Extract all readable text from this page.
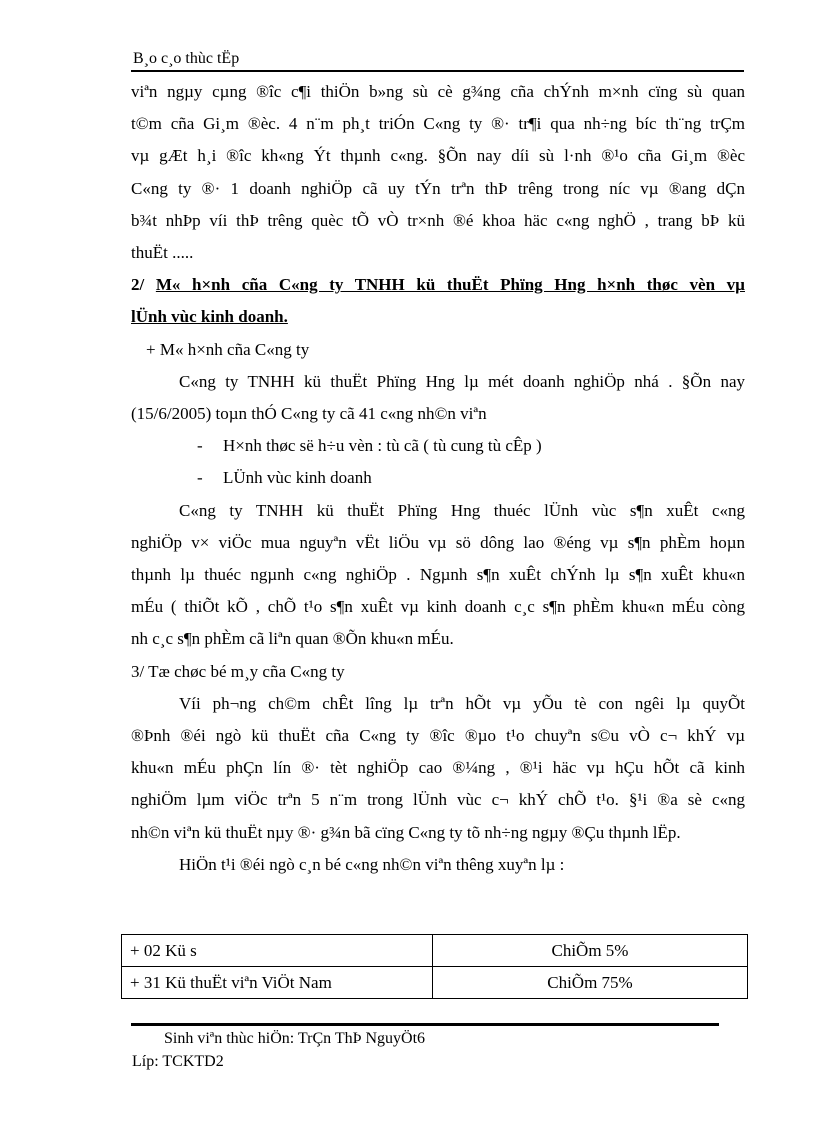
B¸o c¸o thùc tËp

viªn ngµy cµng ®îc c¶i thiÖn b»ng sù cè g¾ng cña chÝnh m×nh cïng sù quan

t©m cña Gi¸m ®èc. 4 n¨m ph¸t triÓn C«ng ty ®· tr¶i qua nh÷ng bíc th¨ng trÇm

vµ gÆt h¸i ®îc kh«ng Ýt thµnh c«ng. §Õn nay díi sù l·nh ®¹o cña Gi¸m ®èc

C«ng ty ®· 1 doanh nghiÖp cã uy tÝn trªn thÞ trêng trong níc vµ ®ang dÇn

b¾t nhÞp víi thÞ trêng quèc tÕ vÒ tr×nh ®é khoa häc c«ng nghÖ , trang bÞ kü

thuËt .....

2/ M« h×nh cña C«ng ty TNHH kü thuËt Phïng Hng h×nh thøc vèn vµ

lÜnh vùc kinh doanh.

+ M« h×nh cña C«ng ty

C«ng ty TNHH kü thuËt Phïng Hng lµ mét doanh nghiÖp nhá . §Õn nay

(15/6/2005) toµn thÓ C«ng ty cã 41 c«ng nh©n viªn

- H×nh thøc së h÷u vèn : tù cã ( tù cung tù cÊp )

- LÜnh vùc kinh doanh

C«ng ty TNHH kü thuËt Phïng Hng thuéc lÜnh vùc s¶n xuÊt c«ng

nghiÖp v× viÖc mua nguyªn vËt liÖu vµ sö dông lao ®éng vµ s¶n phÈm hoµn

thµnh lµ thuéc ngµnh c«ng nghiÖp . Ngµnh s¶n xuÊt chÝnh lµ s¶n xuÊt khu«n

mÉu ( thiÕt kÕ , chÕ t¹o s¶n xuÊt vµ kinh doanh c¸c s¶n phÈm khu«n mÉu còng

nh c¸c s¶n phÈm cã liªn quan ®Õn khu«n mÉu.

3/ Tæ chøc bé m¸y cña C«ng ty

Víi ph¬ng ch©m chÊt lîng lµ trªn hÕt vµ yÕu tè con ngêi lµ quyÕt

®Þnh ®éi ngò kü thuËt cña C«ng ty ®îc ®µo t¹o chuyªn s©u vÒ c¬ khÝ vµ

khu«n mÉu phÇn lín ®· tèt nghiÖp cao ®¼ng , ®¹i häc vµ hÇu hÕt cã kinh

nghiÖm lµm viÖc trªn 5 n¨m trong lÜnh vùc c¬ khÝ chÕ t¹o. §¹i ®a sè c«ng

nh©n viªn kü thuËt nµy ®· g¾n bã cïng C«ng ty tõ nh÷ng ngµy ®Çu thµnh lËp.

HiÖn t¹i ®éi ngò c¸n bé c«ng nh©n viªn thêng xuyªn lµ :

+ 02 Kü s	ChiÕm 5%
+ 31 Kü thuËt viªn ViÖt Nam	ChiÕm 75%
Sinh viªn thùc hiÖn: TrÇn ThÞ NguyÖt6
Líp: TCKTD2
